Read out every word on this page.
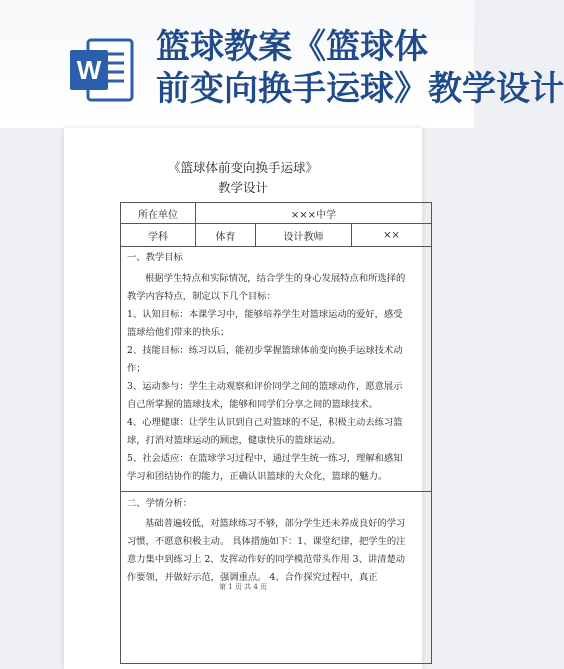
W
篮球教案《篮球体
前变向换手运球》教学设计
《篮球体前变向换手运球》
教学设计
所在单位	×××中学
学科	体育	设计教师	××
一、教学目标
根据学生特点和实际情况，结合学生的身心发展特点和所选择的
教学内容特点，制定以下几个目标：
1、认知目标：本课学习中，能够培养学生对篮球运动的爱好，感受
篮球给他们带来的快乐；
2、技能目标：练习以后，能初步掌握篮球体前变向换手运球技术动
作；
3、运动参与：学生主动观察和评价同学之间的篮球动作，愿意展示
自己所掌握的篮球技术，能够和同学们分享之间的篮球技术。
4、心理健康：让学生认识到自己对篮球的不足，积极主动去练习篮
球，打消对篮球运动的顾虑，健康快乐的篮球运动。
5、社会适应：在篮球学习过程中，通过学生统一练习，理解和感知
学习和团结协作的能力，正确认识篮球的大众化，篮球的魅力。
二、学情分析：
基础普遍较低，对篮球练习不够，部分学生还未养成良好的学习
习惯，不愿意积极主动。 具体措施如下：1、课堂纪律，把学生的注
意力集中到练习上 2、发挥动作好的同学模范带头作用 3、讲清楚动
作要领，并做好示范，强调重点。 4、合作探究过程中，真正
第 1 页 共 4 页
